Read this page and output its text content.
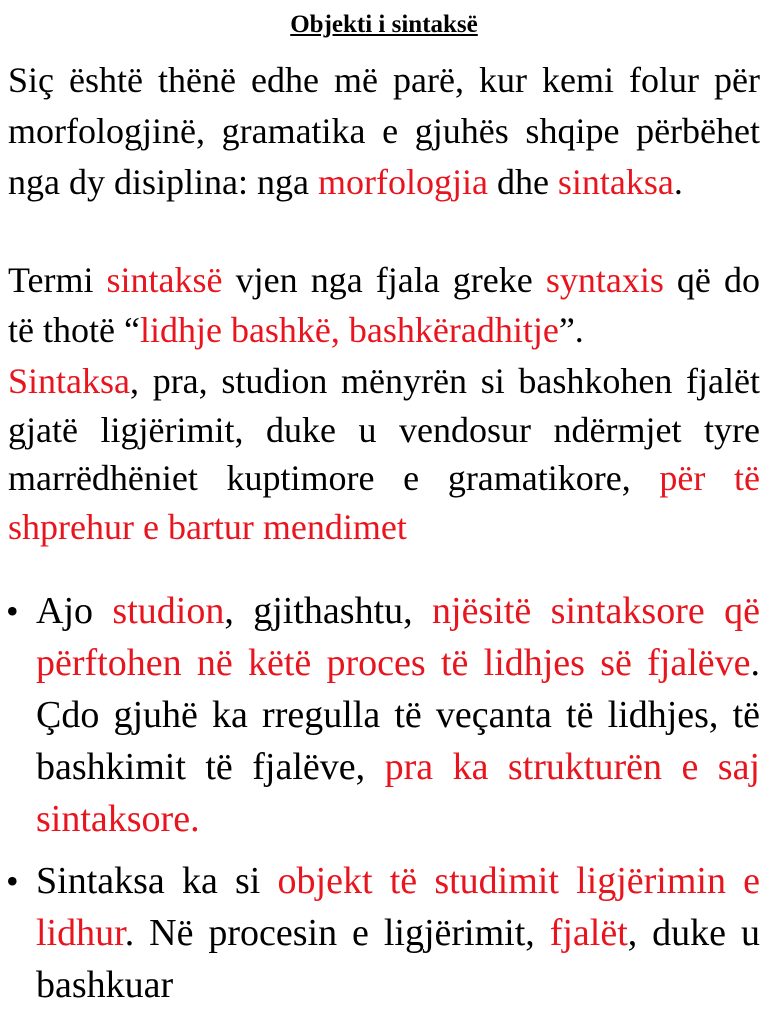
Objekti i sintaksë

Siç është thënë edhe më parë, kur kemi folur për morfologjinë, gramatika e gjuhës shqipe përbëhet nga dy disiplina: nga morfologjia dhe sintaksa.

Termi sintaksë vjen nga fjala greke syntaxis që do të thotë “lidhje bashkë, bashkëradhitje”.

Sintaksa, pra, studion mënyrën si bashkohen fjalët gjatë ligjërimit, duke u vendosur ndërmjet tyre marrëdhëniet kuptimore e gramatikore, për të shprehur e bartur mendimet

• Ajo studion, gjithashtu, njësitë sintaksore që përftohen në këtë proces të lidhjes së fjalëve. Çdo gjuhë ka rregulla të veçanta të lidhjes, të bashkimit të fjalëve, pra ka strukturën e saj sintaksore.

• Sintaksa ka si objekt të studimit ligjërimin e lidhur. Në procesin e ligjërimit, fjalët, duke u bashkuar
